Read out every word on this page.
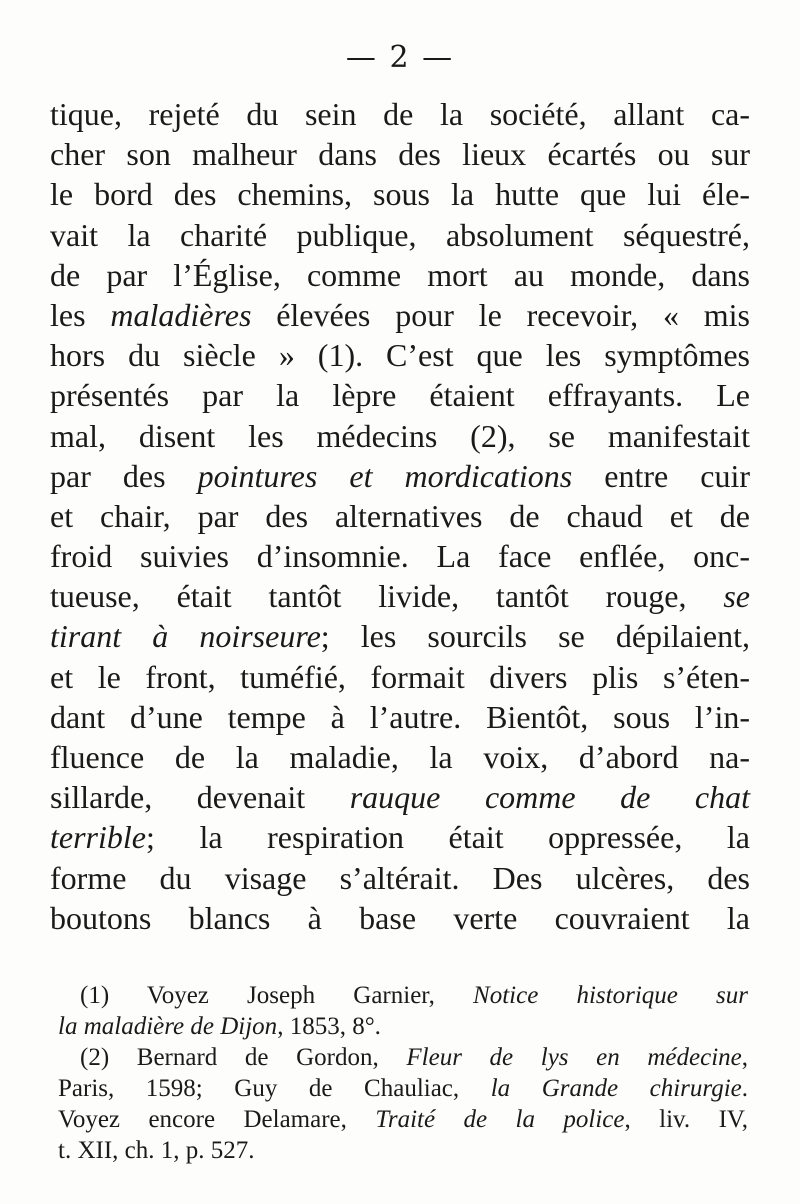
— 2 —
tique, rejeté du sein de la société, allant ca-
cher son malheur dans des lieux écartés ou sur
le bord des chemins, sous la hutte que lui éle-
vait la charité publique, absolument séquestré,
de par l’Église, comme mort au monde, dans
les maladières élevées pour le recevoir, « mis
hors du siècle » (1). C’est que les symptômes
présentés par la lèpre étaient effrayants. Le
mal, disent les médecins (2), se manifestait
par des pointures et mordications entre cuir
et chair, par des alternatives de chaud et de
froid suivies d’insomnie. La face enflée, onc-
tueuse, était tantôt livide, tantôt rouge, se
tirant à noirseure; les sourcils se dépilaient,
et le front, tuméfié, formait divers plis s’éten-
dant d’une tempe à l’autre. Bientôt, sous l’in-
fluence de la maladie, la voix, d’abord na-
sillarde, devenait rauque comme de chat
terrible; la respiration était oppressée, la
forme du visage s’altérait. Des ulcères, des
boutons blancs à base verte couvraient la
(1) Voyez Joseph Garnier, Notice historique sur
la maladière de Dijon, 1853, 8°.
(2) Bernard de Gordon, Fleur de lys en médecine,
Paris, 1598; Guy de Chauliac, la Grande chirurgie.
Voyez encore Delamare, Traité de la police, liv. IV,
t. XII, ch. 1, p. 527.
